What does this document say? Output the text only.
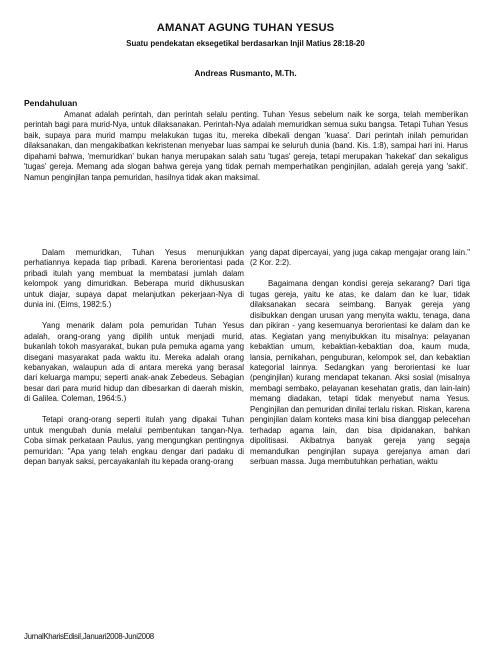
AMANAT AGUNG TUHAN YESUS
Suatu pendekatan eksegetikal berdasarkan Injil Matius 28:18-20
Andreas Rusmanto, M.Th.
Pendahuluan

Amanat adalah perintah, dan perintah selalu penting. Tuhan Yesus sebelum naik ke sorga, telah memberikan perintah bagi para murid-Nya, untuk dilaksanakan. Perintah-Nya adalah memuridkan semua suku bangsa. Tetapi Tuhan Yesus baik, supaya para murid mampu melakukan tugas itu, mereka dibekali dengan 'kuasa'. Dari perintah inilah pemuridan dilaksanakan, dan mengakibatkan kekristenan menyebar luas sampai ke seluruh dunia (band. Kis. 1:8), sampai hari ini. Harus dipahami bahwa, 'memuridkan' bukan hanya merupakan salah satu 'tugas' gereja, tetapi merupakan 'hakekat' dan sekaligus 'tugas' gereja. Memang ada slogan bahwa gereja yang tidak pernah memperhatikan penginjilan, adalah gereja yang 'sakit'. Namun penginjilan tanpa pemuridan, hasilnya tidak akan maksimal.

Dalam memuridkan, Tuhan Yesus menunjukkan perhatiannya kepada tiap pribadi. Karena berorientasi pada pribadi itulah yang membuat la membatasi jumlah dalam kelompok yang dimuridkan. Beberapa murid dikhususkan untuk diajar, supaya dapat melanjutkan pekerjaan-Nya di dunia ini. (Eims, 1982:5.)

Yang menarik dalam pola pemuridan Tuhan Yesus adalah, orang-orang yang dipilih untuk menjadi murid, bukanlah tokoh masyarakat, bukan pula pemuka agama yang disegani masyarakat pada waktu itu. Mereka adalah orang kebanyakan, walaupun ada di antara mereka yang berasal dari keluarga mampu; seperti anak-anak Zebedeus. Sebagian besar dari para murid hidup dan dibesarkan di daerah miskin, di Galilea. Coleman, 1964:5.)

Tetapi orang-orang seperti itulah yang dipakai Tuhan untuk mengubah dunia melalui pembentukan tangan-Nya. Coba simak perkataan Paulus, yang mengungkan pentingnya pemuridan: "Apa yang telah engkau dengar dari padaku di depan banyak saksi, percayakanlah itu kepada orang-orang

yang dapat dipercayai, yang juga cakap mengajar orang lain." (2 Kor. 2:2).

Bagaimana dengan kondisi gereja sekarang? Dari tiga tugas gereja, yaitu ke atas, ke dalam dan ke luar, tidak dilaksanakan secara seimbang. Banyak gereja yang disibukkan dengan urusan yang menyita waktu, tenaga, dana dan pikiran - yang kesemuanya berorientasi ke dalam dan ke atas. Kegiatan yang menyibukkan itu misalnya: pelayanan kebaktian umum, kebaktian-kebaktian doa, kaum muda, lansia, pernikahan, penguburan, kelompok sel, dan kebaktian kategorial lainnya. Sedangkan yang berorientasi ke luar (penginjilan) kurang mendapat tekanan. Aksi sosial (misalnya membagi sembako, pelayanan kesehatan gratis, dan lain-lain) memang diadakan, tetapi tidak menyebut nama Yesus. Penginjilan dan pemuridan dinilai terlalu riskan. Riskan, karena penginjilan dalam konteks masa kini bisa dianggap pelecehan terhadap agama lain, dan bisa dipidanakan, bahkan dipolitisasi. Akibatnya banyak gereja yang segaja memandulkan penginjilan supaya gerejanya aman dari serbuan massa. Juga membutuhkan perhatian, waktu

JurnalKharisEdisiI,Januari2008-Juni2008
